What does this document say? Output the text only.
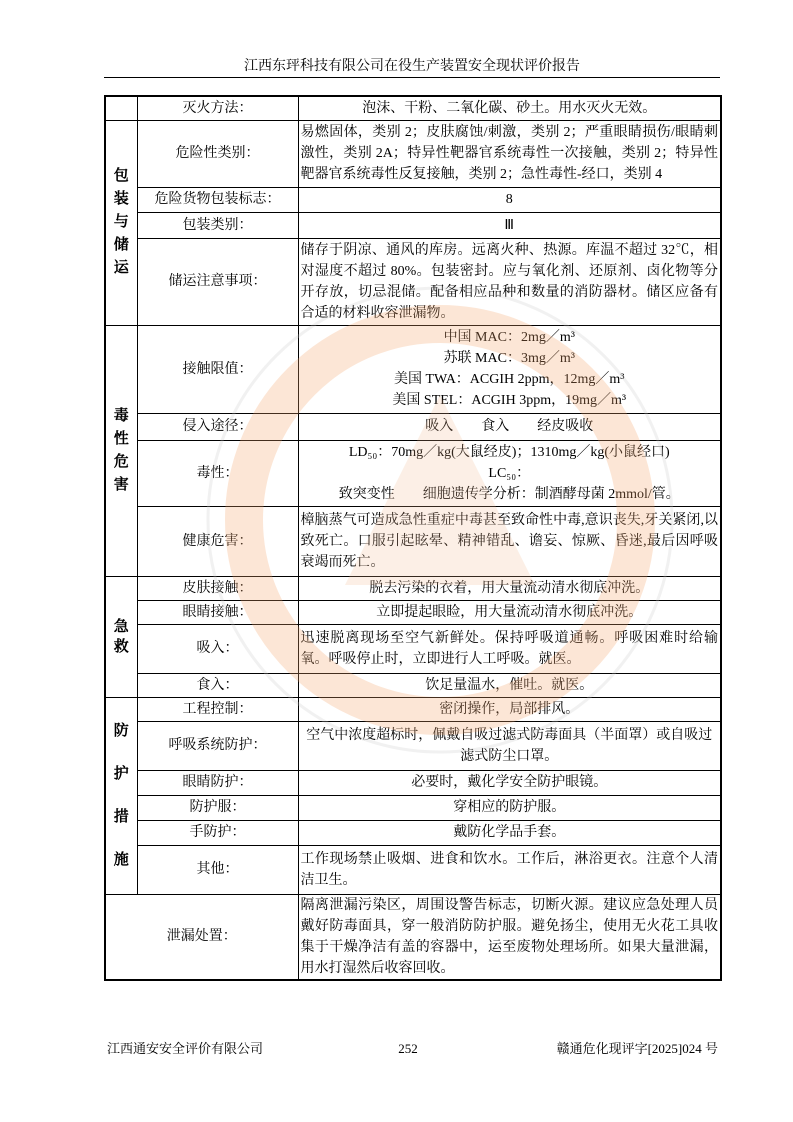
江西东玶科技有限公司在役生产装置安全现状评价报告
	灭火方法：	泡沫、干粉、二氧化碳、砂土。用水灭火无效。

包装与储运	危险性类别：	易燃固体，类别 2；皮肤腐蚀/刺激，类别 2；严重眼睛损伤/眼睛刺激性，类别 2A；特异性靶器官系统毒性一次接触，类别 2；特异性靶器官系统毒性反复接触，类别 2；急性毒性-经口，类别 4
	危险货物包装标志：	8
	包装类别：	Ⅲ
	储运注意事项：	储存于阴凉、通风的库房。远离火种、热源。库温不超过 32℃，相对湿度不超过 80%。包装密封。应与氧化剂、还原剂、卤化物等分开存放，切忌混储。配备相应品种和数量的消防器材。储区应备有合适的材料收容泄漏物。

毒性危害	接触限值：	中国 MAC：2mg／m³
苏联 MAC：3mg／m³
美国 TWA：ACGIH 2ppm，12mg／m³
美国 STEL：ACGIH 3ppm，19mg／m³

	侵入途径：	吸入　　食入　　经皮吸收
	毒性：	LD₅₀：70mg／kg(大鼠经皮)；1310mg／kg(小鼠经口)
LC₅₀：
致突变性　　细胞遗传学分析：制酒酵母菌 2mmol/管。

	健康危害：	樟脑蒸气可造成急性重症中毒甚至致命性中毒,意识丧失,牙关紧闭,以致死亡。口服引起眩晕、精神错乱、谵妄、惊厥、昏迷,最后因呼吸衰竭而死亡。

急救	皮肤接触：	脱去污染的衣着，用大量流动清水彻底冲洗。
	眼睛接触：	立即提起眼睑，用大量流动清水彻底冲洗。
	吸入：	迅速脱离现场至空气新鲜处。保持呼吸道通畅。呼吸困难时给输氧。呼吸停止时，立即进行人工呼吸。就医。
	食入：	饮足量温水，催吐。就医。

防护措施	工程控制：	密闭操作，局部排风。
	呼吸系统防护：	空气中浓度超标时，佩戴自吸过滤式防毒面具（半面罩）或自吸过滤式防尘口罩。
	眼睛防护：	必要时，戴化学安全防护眼镜。
	防护服：	穿相应的防护服。
	手防护：	戴防化学品手套。
	其他：	工作现场禁止吸烟、进食和饮水。工作后，淋浴更衣。注意个人清洁卫生。
泄漏处置：		隔离泄漏污染区，周围设警告标志，切断火源。建议应急处理人员戴好防毒面具，穿一般消防防护服。避免扬尘，使用无火花工具收集于干燥净洁有盖的容器中，运至废物处理场所。如果大量泄漏，用水打湿然后收容回收。
江西通安安全评价有限公司	252	赣通危化现评字[2025]024 号
